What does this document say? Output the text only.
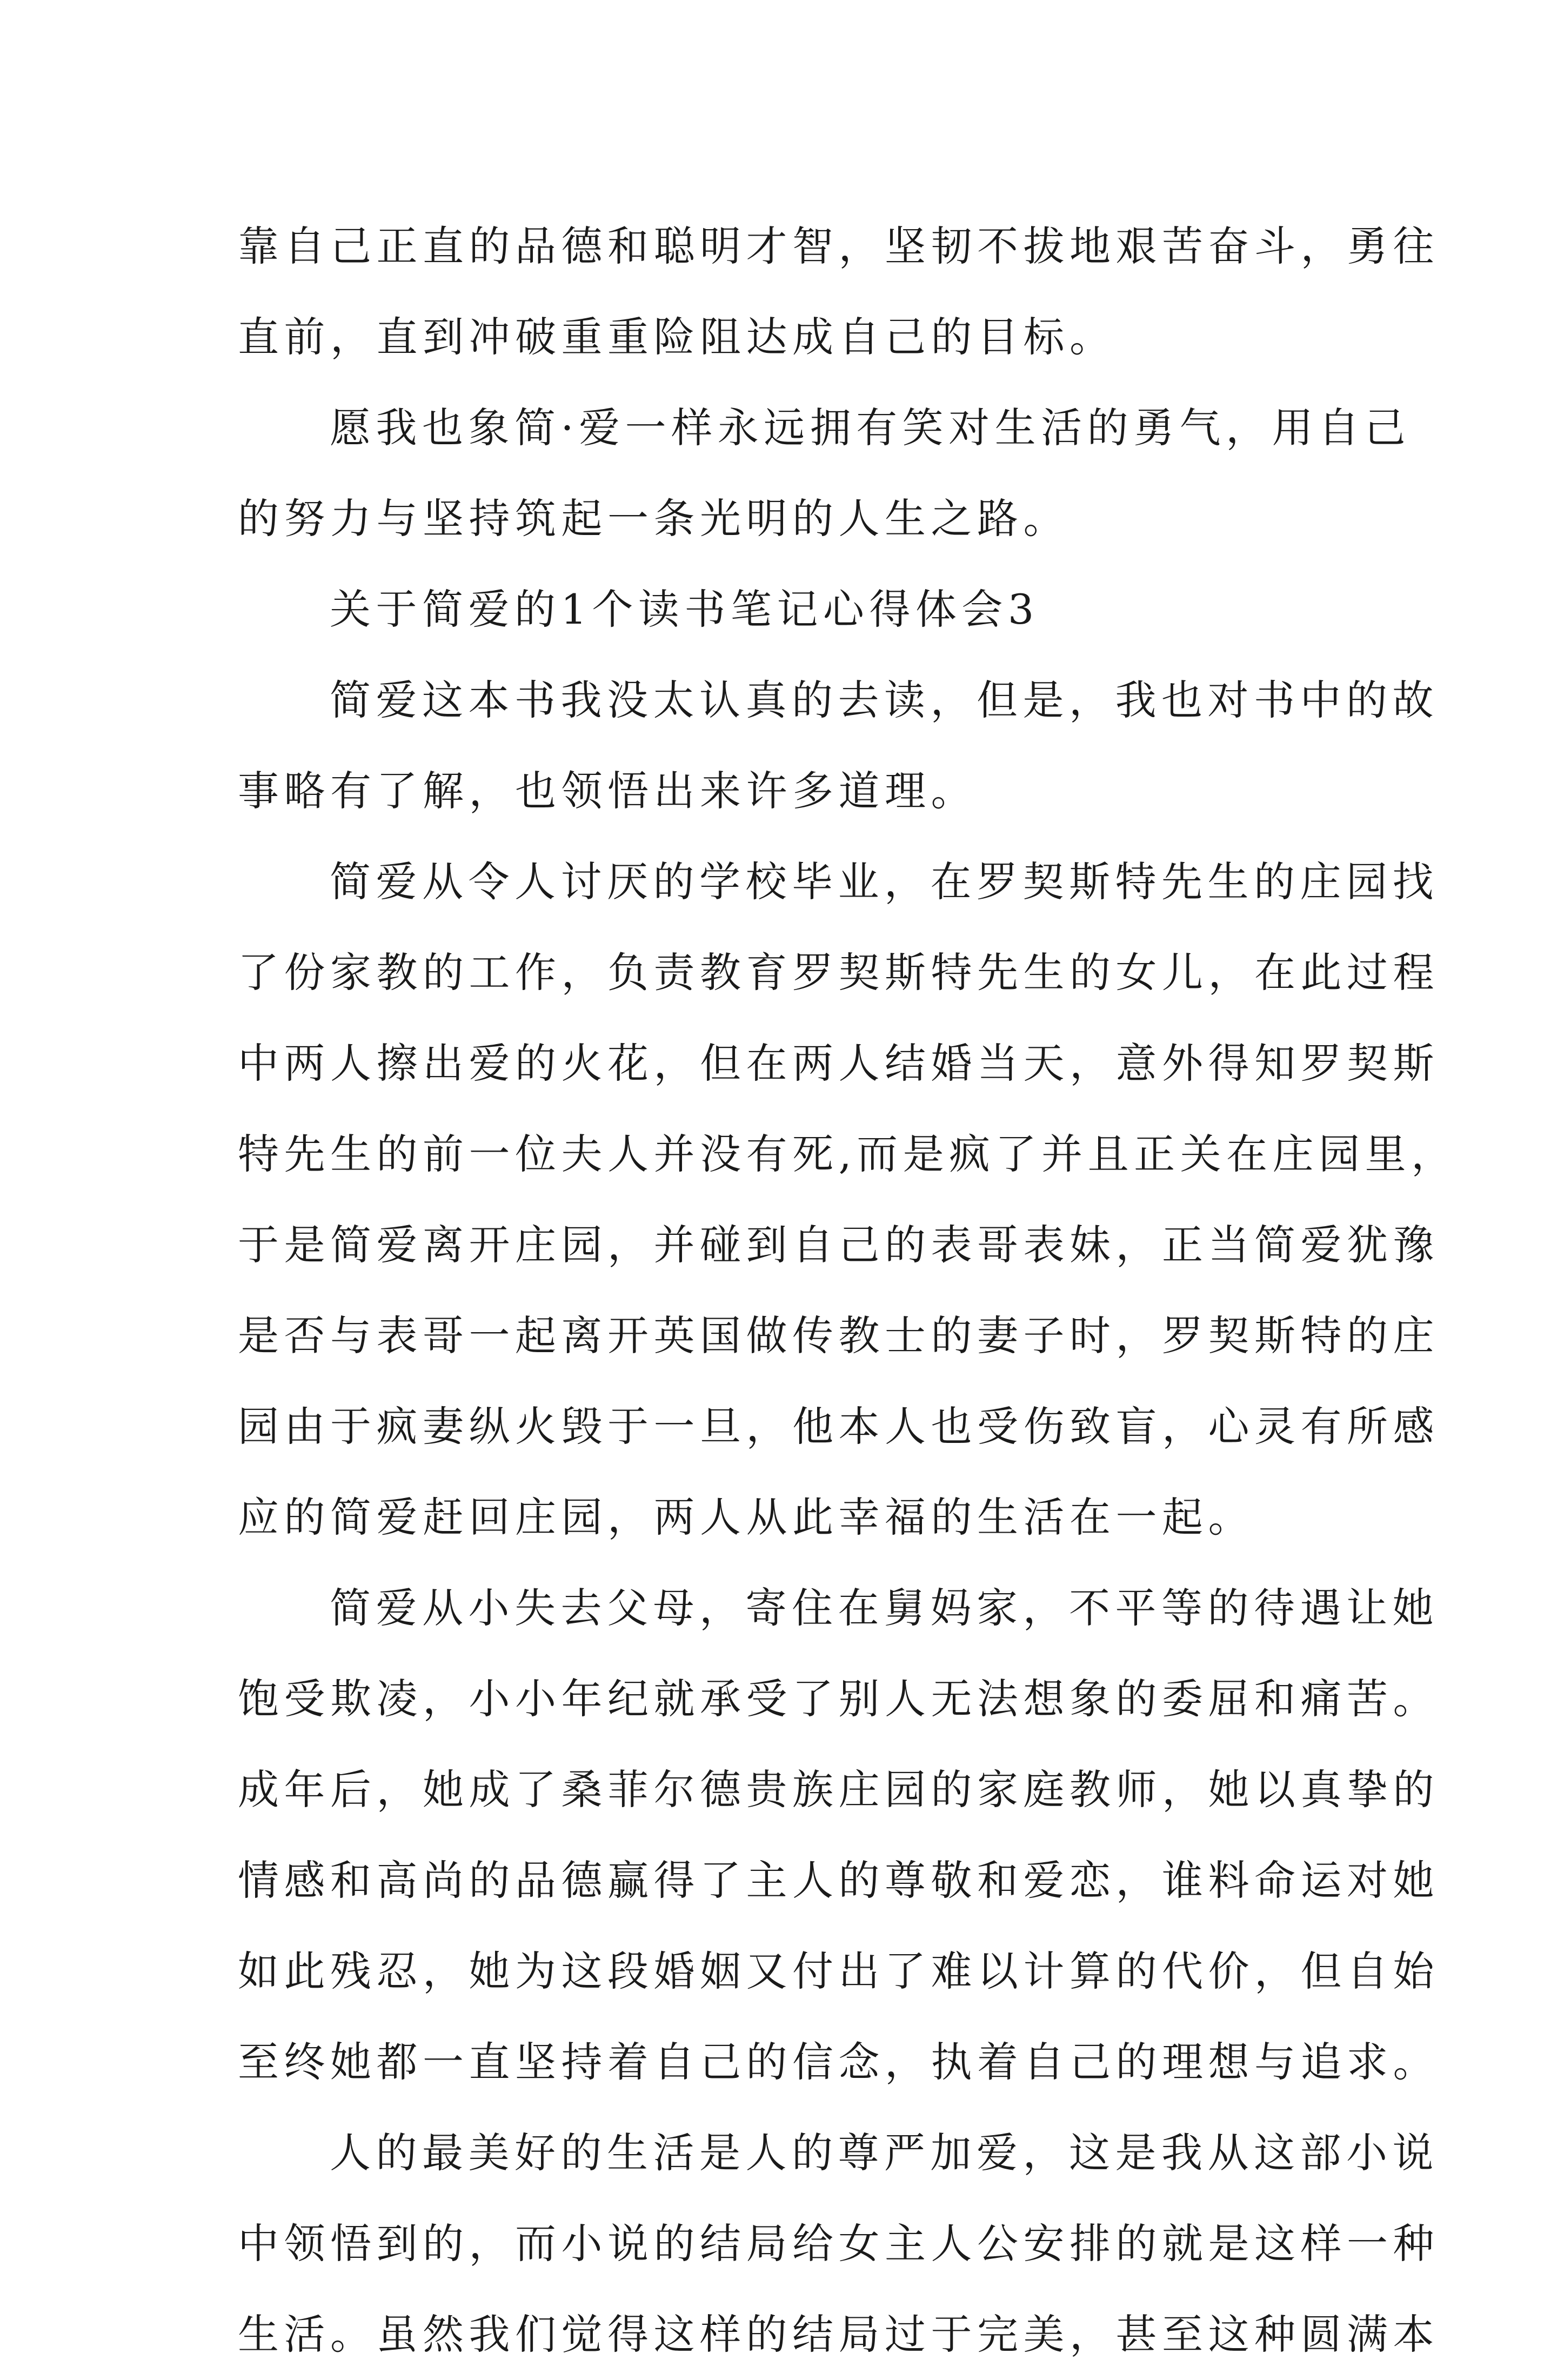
靠自己正直的品德和聪明才智，坚韧不拔地艰苦奋斗，勇往
直前，直到冲破重重险阻达成自己的目标。
愿我也象简·爱一样永远拥有笑对生活的勇气，用自己
的努力与坚持筑起一条光明的人生之路。
关于简爱的1个读书笔记心得体会3
简爱这本书我没太认真的去读，但是，我也对书中的故
事略有了解，也领悟出来许多道理。
简爱从令人讨厌的学校毕业，在罗契斯特先生的庄园找
了份家教的工作，负责教育罗契斯特先生的女儿，在此过程
中两人擦出爱的火花，但在两人结婚当天，意外得知罗契斯
特先生的前一位夫人并没有死,而是疯了并且正关在庄园里，
于是简爱离开庄园，并碰到自己的表哥表妹，正当简爱犹豫
是否与表哥一起离开英国做传教士的妻子时，罗契斯特的庄
园由于疯妻纵火毁于一旦，他本人也受伤致盲，心灵有所感
应的简爱赶回庄园，两人从此幸福的生活在一起。
简爱从小失去父母，寄住在舅妈家，不平等的待遇让她
饱受欺凌，小小年纪就承受了别人无法想象的委屈和痛苦。
成年后，她成了桑菲尔德贵族庄园的家庭教师，她以真挚的
情感和高尚的品德赢得了主人的尊敬和爱恋，谁料命运对她
如此残忍，她为这段婚姻又付出了难以计算的代价，但自始
至终她都一直坚持着自己的信念，执着自己的理想与追求。
人的最美好的生活是人的尊严加爱，这是我从这部小说
中领悟到的，而小说的结局给女主人公安排的就是这样一种
生活。虽然我们觉得这样的结局过于完美，甚至这种圆满本
